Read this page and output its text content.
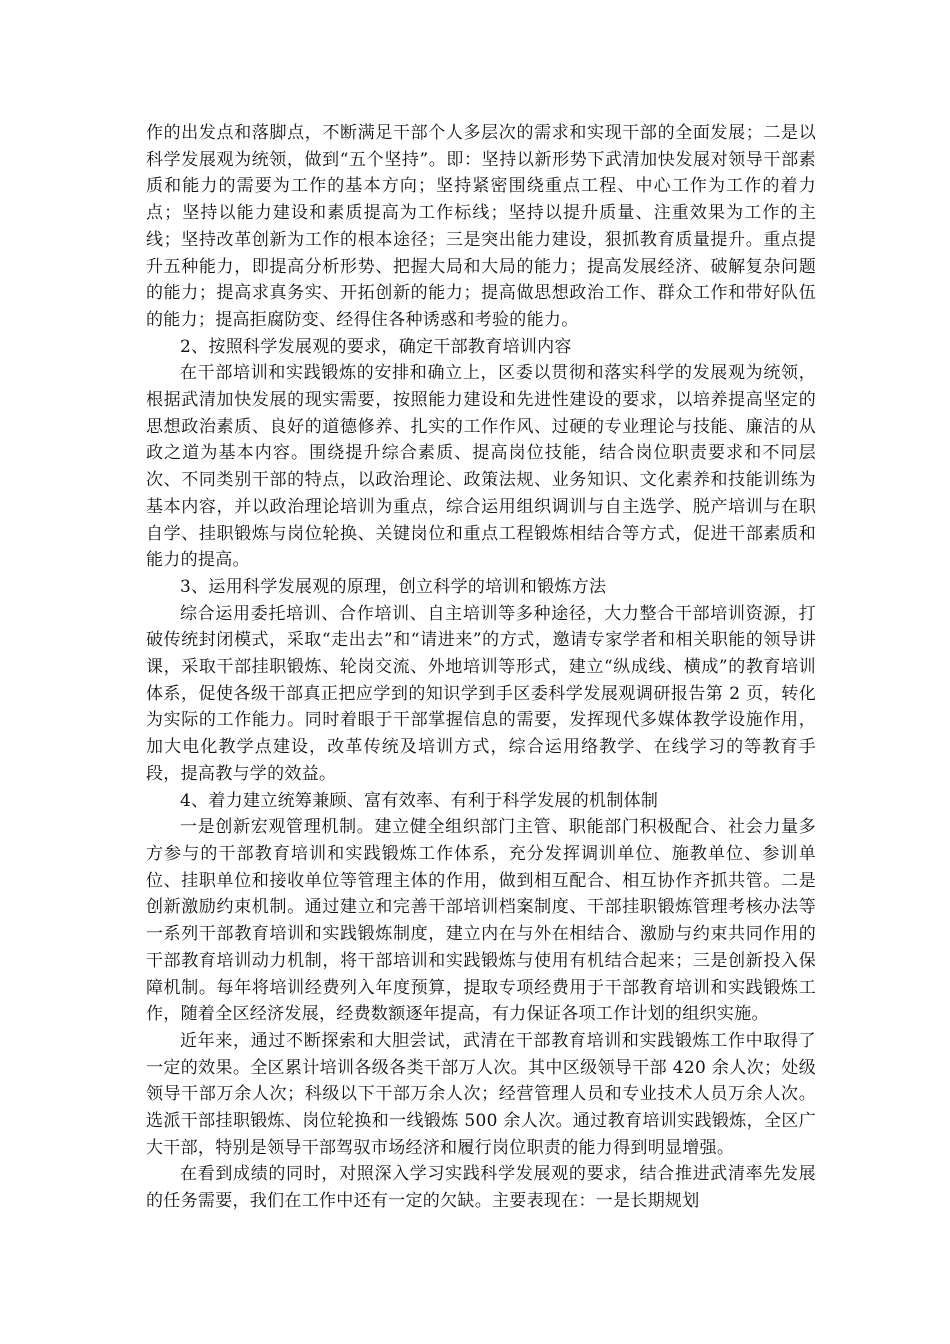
作的出发点和落脚点，不断满足干部个人多层次的需求和实现干部的全面发展；二是以科学发展观为统领，做到“五个坚持”。即：坚持以新形势下武清加快发展对领导干部素质和能力的需要为工作的基本方向；坚持紧密围绕重点工程、中心工作为工作的着力点；坚持以能力建设和素质提高为工作标线；坚持以提升质量、注重效果为工作的主线；坚持改革创新为工作的根本途径；三是突出能力建设，狠抓教育质量提升。重点提升五种能力，即提高分析形势、把握大局和大局的能力；提高发展经济、破解复杂问题的能力；提高求真务实、开拓创新的能力；提高做思想政治工作、群众工作和带好队伍的能力；提高拒腐防变、经得住各种诱惑和考验的能力。

2、按照科学发展观的要求，确定干部教育培训内容

在干部培训和实践锻炼的安排和确立上，区委以贯彻和落实科学的发展观为统领，根据武清加快发展的现实需要，按照能力建设和先进性建设的要求，以培养提高坚定的思想政治素质、良好的道德修养、扎实的工作作风、过硬的专业理论与技能、廉洁的从政之道为基本内容。围绕提升综合素质、提高岗位技能，结合岗位职责要求和不同层次、不同类别干部的特点，以政治理论、政策法规、业务知识、文化素养和技能训练为基本内容，并以政治理论培训为重点，综合运用组织调训与自主选学、脱产培训与在职自学、挂职锻炼与岗位轮换、关键岗位和重点工程锻炼相结合等方式，促进干部素质和能力的提高。

3、运用科学发展观的原理，创立科学的培训和锻炼方法

综合运用委托培训、合作培训、自主培训等多种途径，大力整合干部培训资源，打破传统封闭模式，采取“走出去”和“请进来”的方式，邀请专家学者和相关职能的领导讲课，采取干部挂职锻炼、轮岗交流、外地培训等形式，建立“纵成线、横成”的教育培训体系，促使各级干部真正把应学到的知识学到手区委科学发展观调研报告第 2 页，转化为实际的工作能力。同时着眼于干部掌握信息的需要，发挥现代多媒体教学设施作用，加大电化教学点建设，改革传统及培训方式，综合运用络教学、在线学习的等教育手段，提高教与学的效益。

4、着力建立统筹兼顾、富有效率、有利于科学发展的机制体制

一是创新宏观管理机制。建立健全组织部门主管、职能部门积极配合、社会力量多方参与的干部教育培训和实践锻炼工作体系，充分发挥调训单位、施教单位、参训单位、挂职单位和接收单位等管理主体的作用，做到相互配合、相互协作齐抓共管。二是创新激励约束机制。通过建立和完善干部培训档案制度、干部挂职锻炼管理考核办法等一系列干部教育培训和实践锻炼制度，建立内在与外在相结合、激励与约束共同作用的干部教育培训动力机制，将干部培训和实践锻炼与使用有机结合起来；三是创新投入保障机制。每年将培训经费列入年度预算，提取专项经费用于干部教育培训和实践锻炼工作，随着全区经济发展，经费数额逐年提高，有力保证各项工作计划的组织实施。

近年来，通过不断探索和大胆尝试，武清在干部教育培训和实践锻炼工作中取得了一定的效果。全区累计培训各级各类干部万人次。其中区级领导干部 420 余人次；处级领导干部万余人次；科级以下干部万余人次；经营管理人员和专业技术人员万余人次。选派干部挂职锻炼、岗位轮换和一线锻炼 500 余人次。通过教育培训实践锻炼，全区广大干部，特别是领导干部驾驭市场经济和履行岗位职责的能力得到明显增强。

在看到成绩的同时，对照深入学习实践科学发展观的要求，结合推进武清率先发展的任务需要，我们在工作中还有一定的欠缺。主要表现在：一是长期规划
